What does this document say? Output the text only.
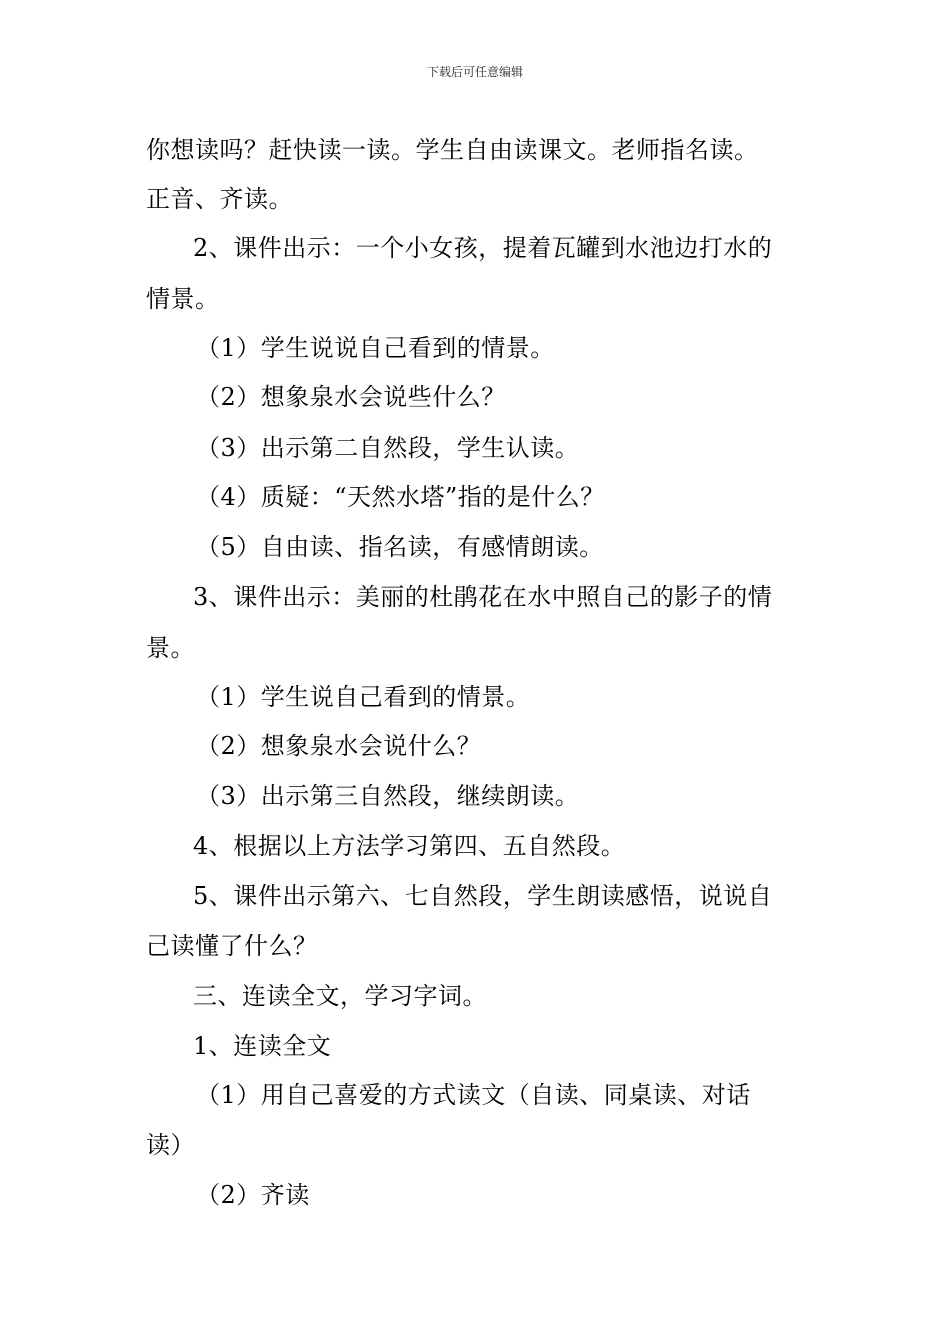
下载后可任意编辑
你想读吗？赶快读一读。学生自由读课文。老师指名读。
正音、齐读。
2、课件出示：一个小女孩，提着瓦罐到水池边打水的
情景。
（1）学生说说自己看到的情景。
（2）想象泉水会说些什么？
（3）出示第二自然段，学生认读。
（4）质疑：“天然水塔”指的是什么？
（5）自由读、指名读，有感情朗读。
3、课件出示：美丽的杜鹃花在水中照自己的影子的情
景。
（1）学生说自己看到的情景。
（2）想象泉水会说什么？
（3）出示第三自然段，继续朗读。
4、根据以上方法学习第四、五自然段。
5、课件出示第六、七自然段，学生朗读感悟，说说自
己读懂了什么？
三、连读全文，学习字词。
1、连读全文
（1）用自己喜爱的方式读文（自读、同桌读、对话
读）
（2）齐读
